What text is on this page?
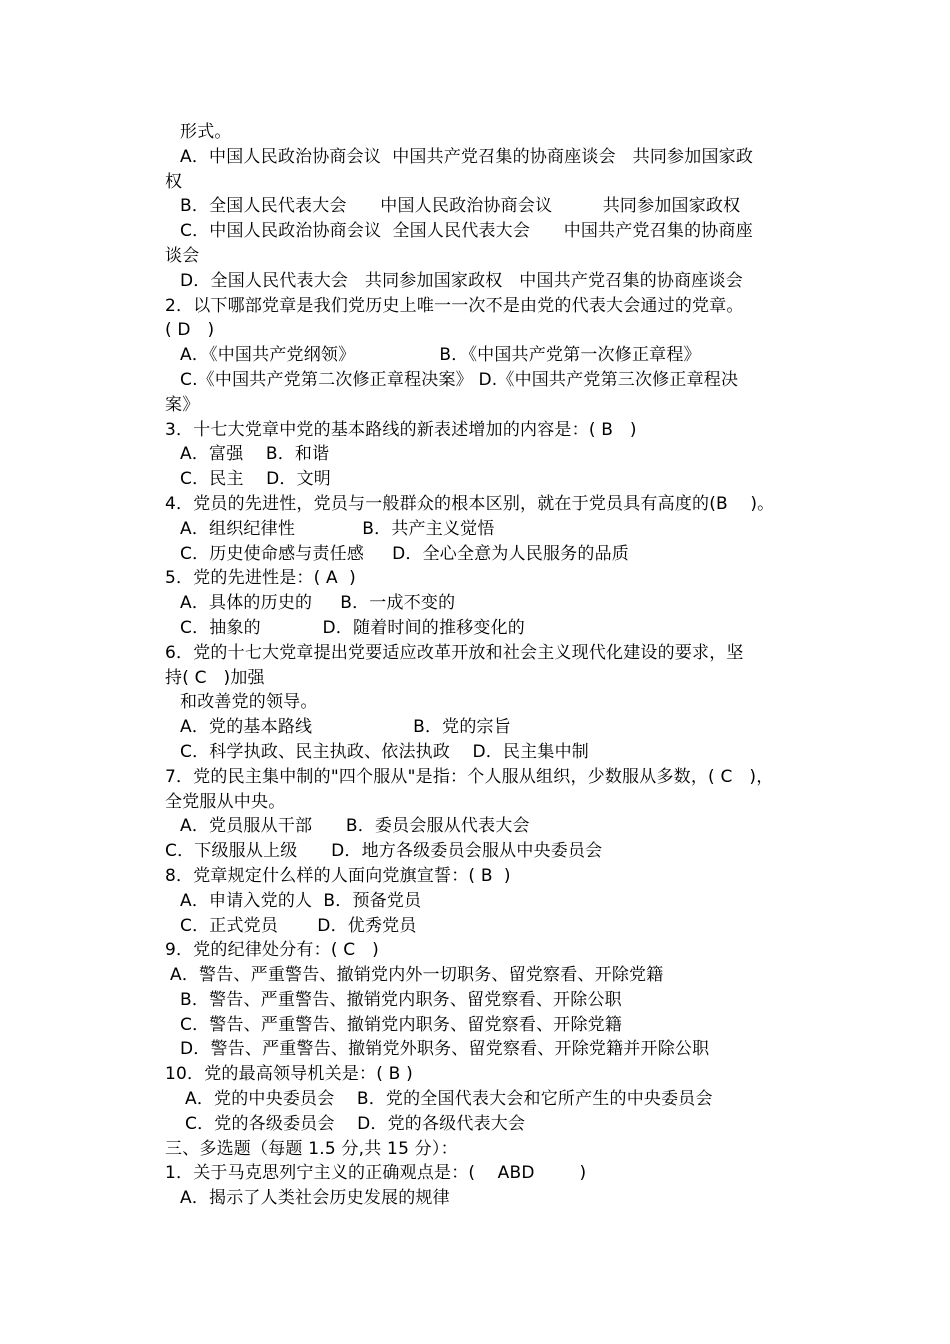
形式。
A．中国人民政治协商会议  中国共产党召集的协商座谈会   共同参加国家政
权
B．全国人民代表大会      中国人民政治协商会议         共同参加国家政权
C．中国人民政治协商会议  全国人民代表大会      中国共产党召集的协商座
谈会
D．全国人民代表大会   共同参加国家政权   中国共产党召集的协商座谈会
2．以下哪部党章是我们党历史上唯一一次不是由党的代表大会通过的党章。
( D   )
A．《中国共产党纲领》               B．《中国共产党第一次修正章程》
C.《中国共产党第二次修正章程决案》 D.《中国共产党第三次修正章程决
案》
3．十七大党章中党的基本路线的新表述增加的内容是：( B   )
A．富强    B．和谐
C．民主    D．文明
4．党员的先进性，党员与一般群众的根本区别，就在于党员具有高度的(B    )。
A．组织纪律性            B．共产主义觉悟
C．历史使命感与责任感     D．全心全意为人民服务的品质
5．党的先进性是：( A  )
A．具体的历史的     B．一成不变的
C．抽象的           D．随着时间的推移变化的
6．党的十七大党章提出党要适应改革开放和社会主义现代化建设的要求，坚
持( C   )加强
和改善党的领导。
A．党的基本路线                  B．党的宗旨
C．科学执政、民主执政、依法执政    D．民主集中制
7．党的民主集中制的"四个服从"是指：个人服从组织，少数服从多数，( C   )，
全党服从中央。
A．党员服从干部      B．委员会服从代表大会
C．下级服从上级      D．地方各级委员会服从中央委员会
8．党章规定什么样的人面向党旗宣誓：( B  )
A．申请入党的人  B．预备党员
C．正式党员       D．优秀党员
9．党的纪律处分有：( C   )
A．警告、严重警告、撤销党内外一切职务、留党察看、开除党籍
B．警告、严重警告、撤销党内职务、留党察看、开除公职
C．警告、严重警告、撤销党内职务、留党察看、开除党籍
D．警告、严重警告、撤销党外职务、留党察看、开除党籍并开除公职
10．党的最高领导机关是：( B )
A．党的中央委员会    B．党的全国代表大会和它所产生的中央委员会
C．党的各级委员会    D．党的各级代表大会
三、多选题（每题 1.5 分,共 15 分）：
1．关于马克思列宁主义的正确观点是：(    ABD        )
A．揭示了人类社会历史发展的规律
